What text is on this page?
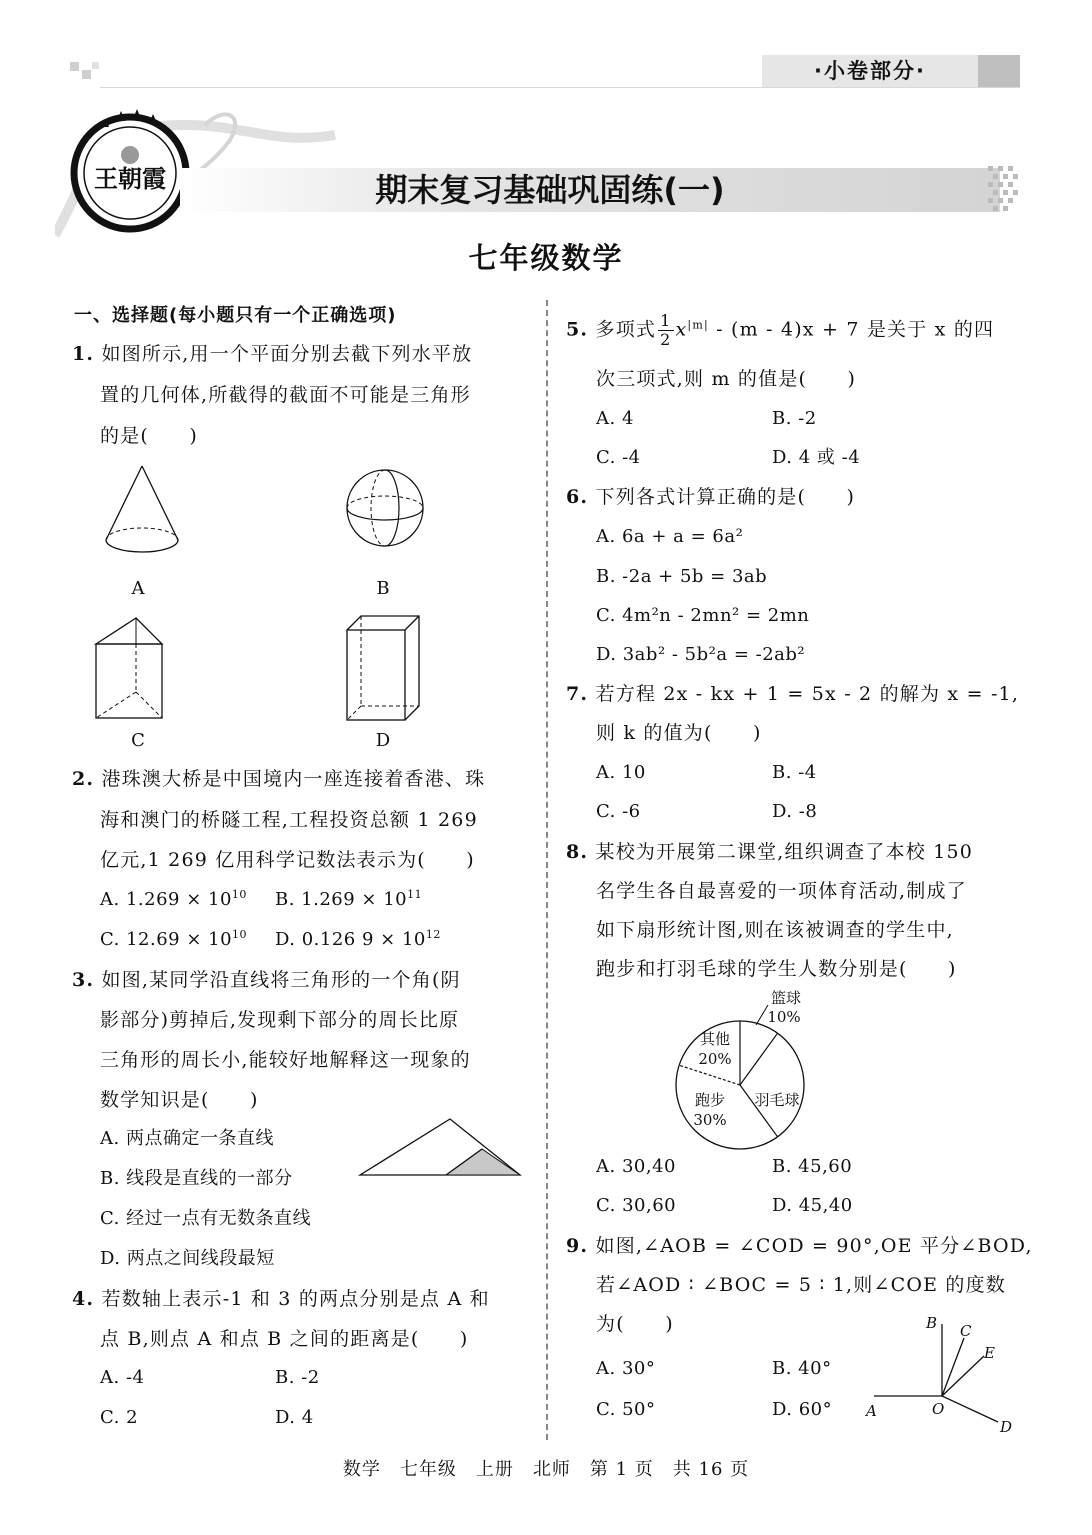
·小卷部分·
王朝霞	期末复习基础巩固练(一)
七年级数学
一、选择题(每小题只有一个正确选项)
1. 如图所示,用一个平面分别去截下列水平放
置的几何体,所截得的截面不可能是三角形
的是(　　)
A	B
C	D
2. 港珠澳大桥是中国境内一座连接着香港、珠
海和澳门的桥隧工程,工程投资总额 1 269
亿元,1 269 亿用科学记数法表示为(　　)
A. $1.269 \times 10^{10}$ B. $1.269 \times 10^{11}$
C. $12.69 \times 10^{10}$ D. 0.126 $9 \times 10^{12}$
3. 如图,某同学沿直线将三角形的一个角(阴
影部分)剪掉后,发现剩下部分的周长比原
三角形的周长小,能较好地解释这一现象的
数学知识是(　　)
A. 两点确定一条直线
B. 线段是直线的一部分
C. 经过一点有无数条直线
D. 两点之间线段最短
4. 若数轴上表示-1 和 3 的两点分别是点 A 和
点 B,则点 A 和点 B 之间的距离是(　　)
A. -4	B. -2
C. 2	D. 4
5. 多项式 $\frac{1}{2} x^{|m|} - (m - 4)x + 7$ 是关于 x 的四
次三项式,则 m 的值是(　　)
A. 4	B. -2
C. -4	D. 4 或 -4
6. 下列各式计算正确的是(　　)
A. 6a + a = 6a²
B. -2a + 5b = 3ab
C. 4m²n - 2mn² = 2mn
D. 3ab² - 5b²a = -2ab²
7. 若方程 2x - kx + 1 = 5x - 2 的解为 x = -1,
则 k 的值为(　　)
A. 10	B. -4
C. -6	D. -8
8. 某校为开展第二课堂,组织调查了本校 150
名学生各自最喜爱的一项体育活动,制成了
如下扇形统计图,则在该被调查的学生中,
跑步和打羽毛球的学生人数分别是(　　)
篮球
10%
其他
20%
跑步
30%
羽毛球
A. 30,40	B. 45,60
C. 30,60	D. 45,40
9. 如图,∠AOB = ∠COD = 90°,OE 平分∠BOD,
若∠AOD ∶ ∠BOC = 5 ∶ 1,则∠COE 的度数
为(　　)
A. 30°	B. 40°
C. 50°	D. 60°
B C
E
A	O
D
数学　七年级　上册　北师　第 1 页　共 16 页
